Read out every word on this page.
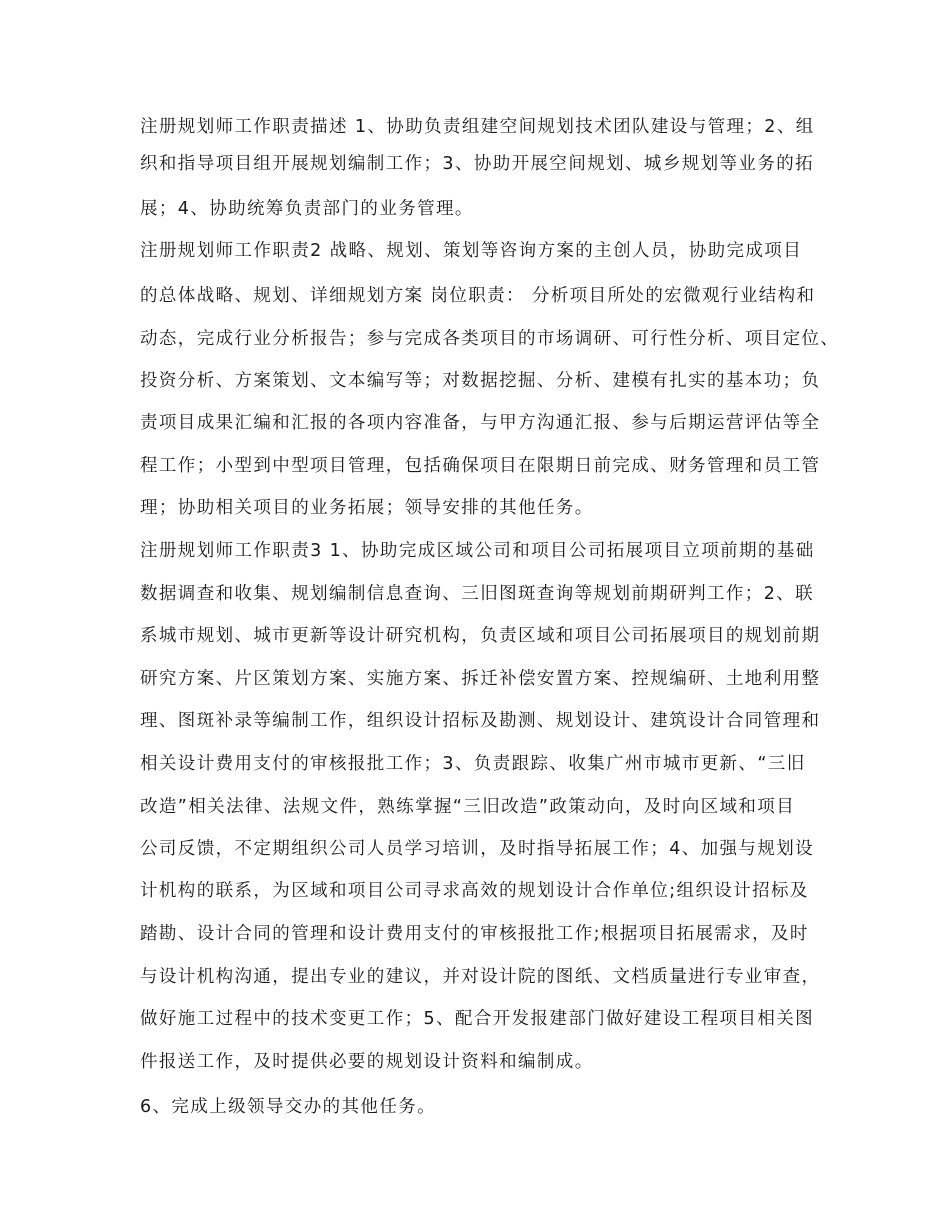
注册规划师工作职责描述 1、协助负责组建空间规划技术团队建设与管理；2、组
织和指导项目组开展规划编制工作；3、协助开展空间规划、城乡规划等业务的拓
展；4、协助统筹负责部门的业务管理。
注册规划师工作职责2 战略、规划、策划等咨询方案的主创人员，协助完成项目
的总体战略、规划、详细规划方案 岗位职责： 分析项目所处的宏微观行业结构和
动态，完成行业分析报告；参与完成各类项目的市场调研、可行性分析、项目定位、
投资分析、方案策划、文本编写等；对数据挖掘、分析、建模有扎实的基本功；负
责项目成果汇编和汇报的各项内容准备，与甲方沟通汇报、参与后期运营评估等全
程工作；小型到中型项目管理，包括确保项目在限期日前完成、财务管理和员工管
理；协助相关项目的业务拓展；领导安排的其他任务。
注册规划师工作职责3 1、协助完成区域公司和项目公司拓展项目立项前期的基础
数据调查和收集、规划编制信息查询、三旧图斑查询等规划前期研判工作；2、联
系城市规划、城市更新等设计研究机构，负责区域和项目公司拓展项目的规划前期
研究方案、片区策划方案、实施方案、拆迁补偿安置方案、控规编研、土地利用整
理、图斑补录等编制工作，组织设计招标及勘测、规划设计、建筑设计合同管理和
相关设计费用支付的审核报批工作；3、负责跟踪、收集广州市城市更新、“三旧
改造”相关法律、法规文件，熟练掌握“三旧改造”政策动向，及时向区域和项目
公司反馈，不定期组织公司人员学习培训，及时指导拓展工作；4、加强与规划设
计机构的联系，为区域和项目公司寻求高效的规划设计合作单位;组织设计招标及
踏勘、设计合同的管理和设计费用支付的审核报批工作;根据项目拓展需求，及时
与设计机构沟通，提出专业的建议，并对设计院的图纸、文档质量进行专业审查，
做好施工过程中的技术变更工作；5、配合开发报建部门做好建设工程项目相关图
件报送工作，及时提供必要的规划设计资料和编制成。
6、完成上级领导交办的其他任务。
